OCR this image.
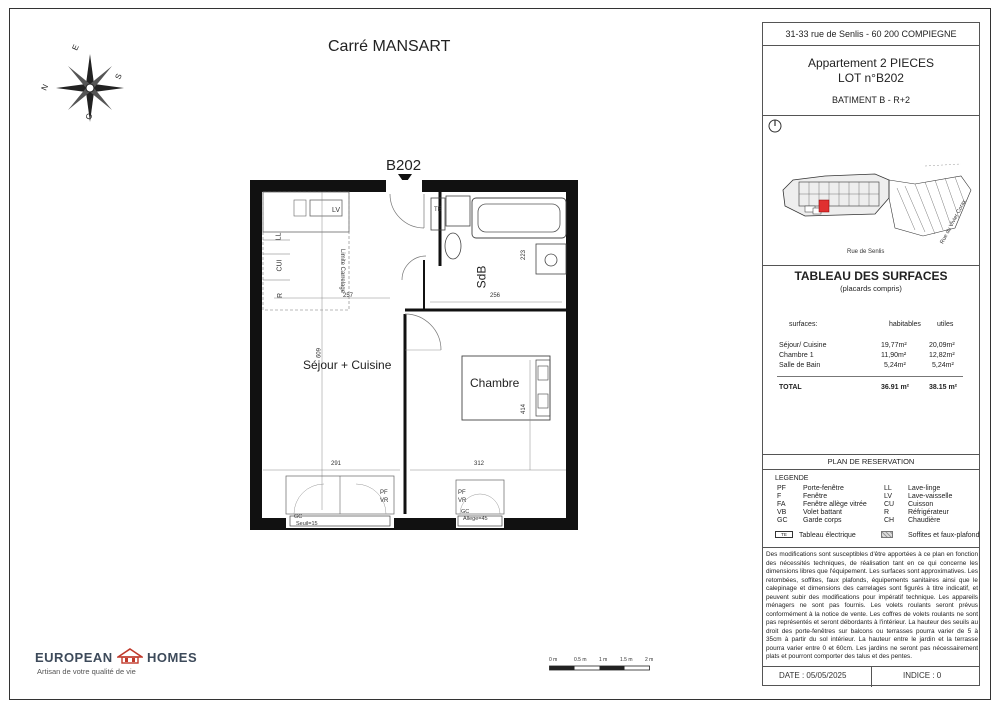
Carré MANSART
N
E
S
O
B202
Séjour + Cuisine
SdB
Chambre
LV
LL
CUI
R
TE
Limite Carrelage
PF
VR
PF
VR
GC
GC
Seuil=15
Allege=45
257	256
223
609
414
291	312
0 m	0.5 m 1 m	1.5 m 2 m
EUROPEAN	HOMES
Artisan de votre qualité de vie
31-33 rue de Senlis - 60 200 COMPIEGNE
Appartement 2 PIECES
LOT n°B202
BATIMENT B - R+2
Rue de Senlis
Rue du Vivier Corax
TABLEAU DES SURFACES
(placards compris)
surfaces:	habitables utiles
Séjour/ Cuisine	19,77m²	20,09m²
Chambre 1	11,90m²	12,82m²
Salle de Bain	5,24m²	5,24m²
TOTAL	36.91 m²	38.15 m²
PLAN DE RESERVATION
LEGENDE
PF Porte-fenêtre
F	Fenêtre
FA Fenêtre allège vitrée
VB Volet battant
GC Garde corps
LL Lave-linge
LV Lave-vaisselle
CU Cuisson
R	Réfrigérateur
CH Chaudière
TE	Tableau électrique	Soffites et faux-plafond
Des modifications sont susceptibles d'être apportées à ce plan en fonction des nécessités techniques, de réalisation tant en ce qui concerne les dimensions libres que l'équipement. Les surfaces sont approximatives. Les retombées, soffites, faux plafonds, équipements sanitaires ainsi que le calepinage et dimensions des carrelages sont figurés à titre indicatif, et peuvent subir des modifications pour impératif technique. Les appareils ménagers ne sont pas fournis. Les volets roulants seront prévus conformément à la notice de vente. Les coffres de volets roulants ne sont pas représentés et seront débordants à l'intérieur. La hauteur des seuils au droit des porte-fenêtres sur balcons ou terrasses pourra varier de 5 à 35cm à partir du sol intérieur. La hauteur entre le jardin et la terrasse pourra varier entre 0 et 60cm. Les jardins ne seront pas nécessairement plats et pourront comporter des talus et des pentes.
DATE : 05/05/2025	INDICE : 0
